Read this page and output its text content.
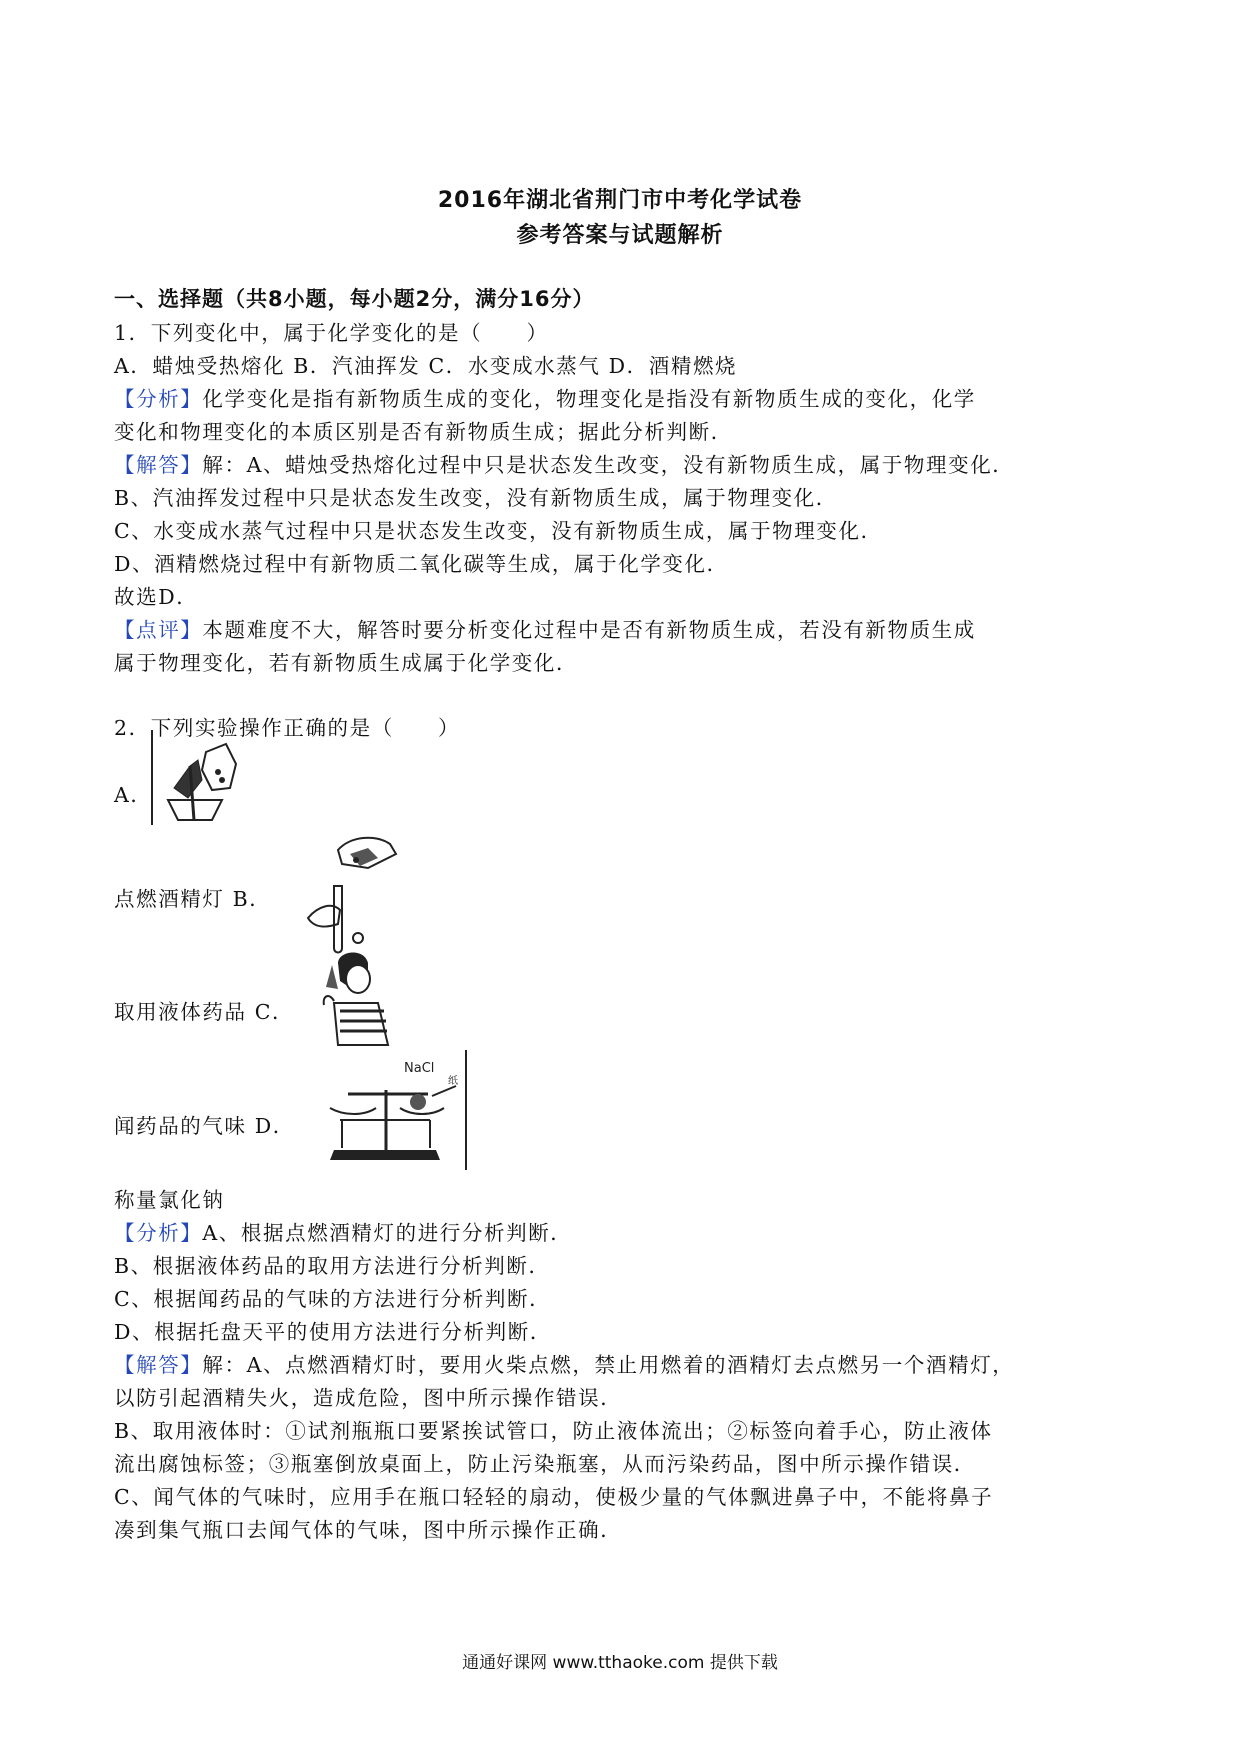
2016年湖北省荆门市中考化学试卷
参考答案与试题解析
一、选择题（共8小题，每小题2分，满分16分）
1．下列变化中，属于化学变化的是（　　）
A．蜡烛受热熔化 B．汽油挥发 C．水变成水蒸气 D．酒精燃烧
【分析】化学变化是指有新物质生成的变化，物理变化是指没有新物质生成的变化，化学
变化和物理变化的本质区别是否有新物质生成；据此分析判断．
【解答】解：A、蜡烛受热熔化过程中只是状态发生改变，没有新物质生成，属于物理变化．
B、汽油挥发过程中只是状态发生改变，没有新物质生成，属于物理变化．
C、水变成水蒸气过程中只是状态发生改变，没有新物质生成，属于物理变化．
D、酒精燃烧过程中有新物质二氧化碳等生成，属于化学变化．
故选D．
【点评】本题难度不大，解答时要分析变化过程中是否有新物质生成，若没有新物质生成
属于物理变化，若有新物质生成属于化学变化．
2．下列实验操作正确的是（　　）
A．
点燃酒精灯 B．
取用液体药品 C．
闻药品的气味 D．
NaCl
纸
称量氯化钠
【分析】A、根据点燃酒精灯的进行分析判断．
B、根据液体药品的取用方法进行分析判断．
C、根据闻药品的气味的方法进行分析判断．
D、根据托盘天平的使用方法进行分析判断．
【解答】解：A、点燃酒精灯时，要用火柴点燃，禁止用燃着的酒精灯去点燃另一个酒精灯，
以防引起酒精失火，造成危险，图中所示操作错误．
B、取用液体时：①试剂瓶瓶口要紧挨试管口，防止液体流出；②标签向着手心，防止液体
流出腐蚀标签；③瓶塞倒放桌面上，防止污染瓶塞，从而污染药品，图中所示操作错误．
C、闻气体的气味时，应用手在瓶口轻轻的扇动，使极少量的气体飘进鼻子中，不能将鼻子
凑到集气瓶口去闻气体的气味，图中所示操作正确．
通通好课网 www.tthaoke.com 提供下载
